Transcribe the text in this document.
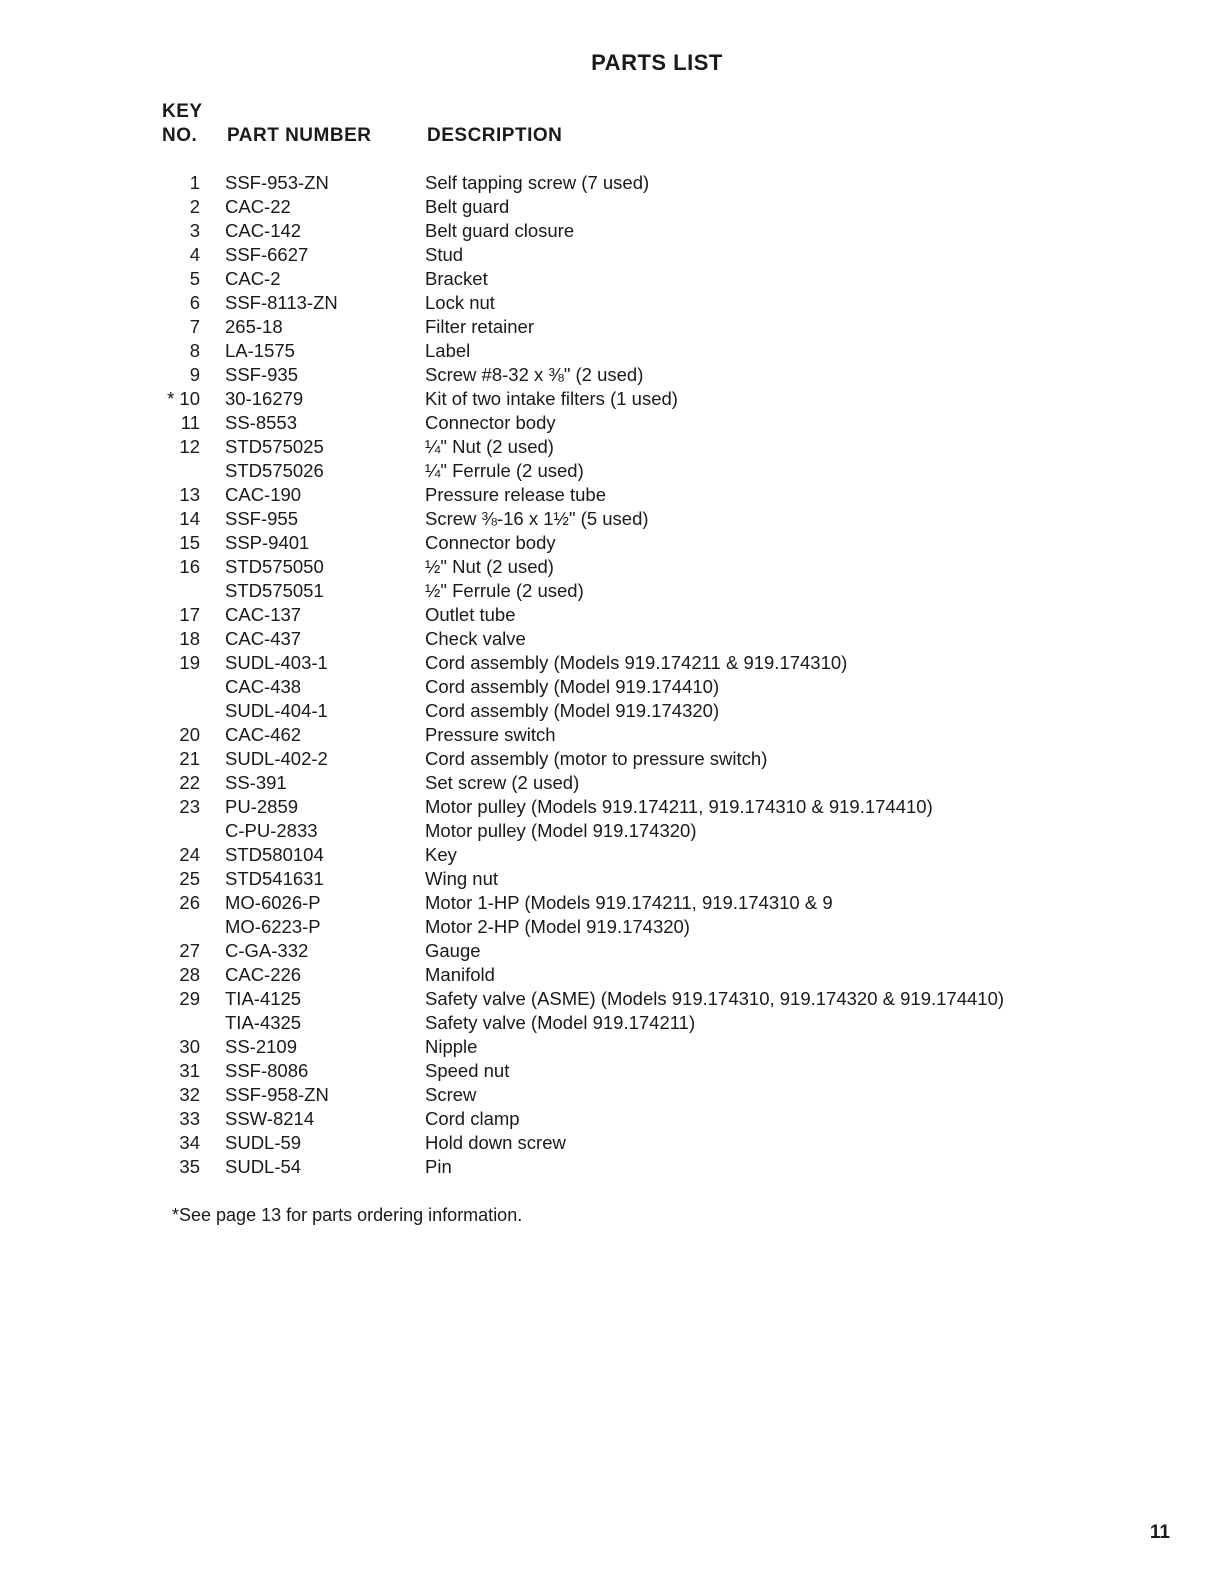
PARTS LIST
KEY
NO. PART NUMBER	DESCRIPTION
1 SSF-953-ZN	Self tapping screw (7 used)
2 CAC-22	Belt guard
3 CAC-142	Belt guard closure
4 SSF-6627	Stud
5 CAC-2	Bracket
6 SSF-8113-ZN	Lock nut
7 265-18	Filter retainer
8 LA-1575	Label
9 SSF-935	Screw #8-32 x ⅜" (2 used)
* 10 30-16279	Kit of two intake filters (1 used)
11 SS-8553	Connector body
12 STD575025	¼" Nut (2 used)
STD575026	¼" Ferrule (2 used)
13 CAC-190	Pressure release tube
14 SSF-955	Screw ⅜-16 x 1½" (5 used)
15 SSP-9401	Connector body
16 STD575050	½" Nut (2 used)
STD575051	½" Ferrule (2 used)
17 CAC-137	Outlet tube
18 CAC-437	Check valve
19 SUDL-403-1	Cord assembly (Models 919.174211 & 919.174310)
CAC-438	Cord assembly (Model 919.174410)
SUDL-404-1	Cord assembly (Model 919.174320)
20 CAC-462	Pressure switch
21 SUDL-402-2	Cord assembly (motor to pressure switch)
22 SS-391	Set screw (2 used)
23 PU-2859	Motor pulley (Models 919.174211, 919.174310 & 919.174410)
C-PU-2833	Motor pulley (Model 919.174320)
24 STD580104	Key
25 STD541631	Wing nut
26 MO-6026-P	Motor 1-HP (Models 919.174211, 919.174310 & 9
MO-6223-P	Motor 2-HP (Model 919.174320)
27 C-GA-332	Gauge
28 CAC-226	Manifold
29 TIA-4125	Safety valve (ASME) (Models 919.174310, 919.174320 & 919.174410)
TIA-4325	Safety valve (Model 919.174211)
30 SS-2109	Nipple
31 SSF-8086	Speed nut
32 SSF-958-ZN	Screw
33 SSW-8214	Cord clamp
34 SUDL-59	Hold down screw
35 SUDL-54	Pin
*See page 13 for parts ordering information.
11
